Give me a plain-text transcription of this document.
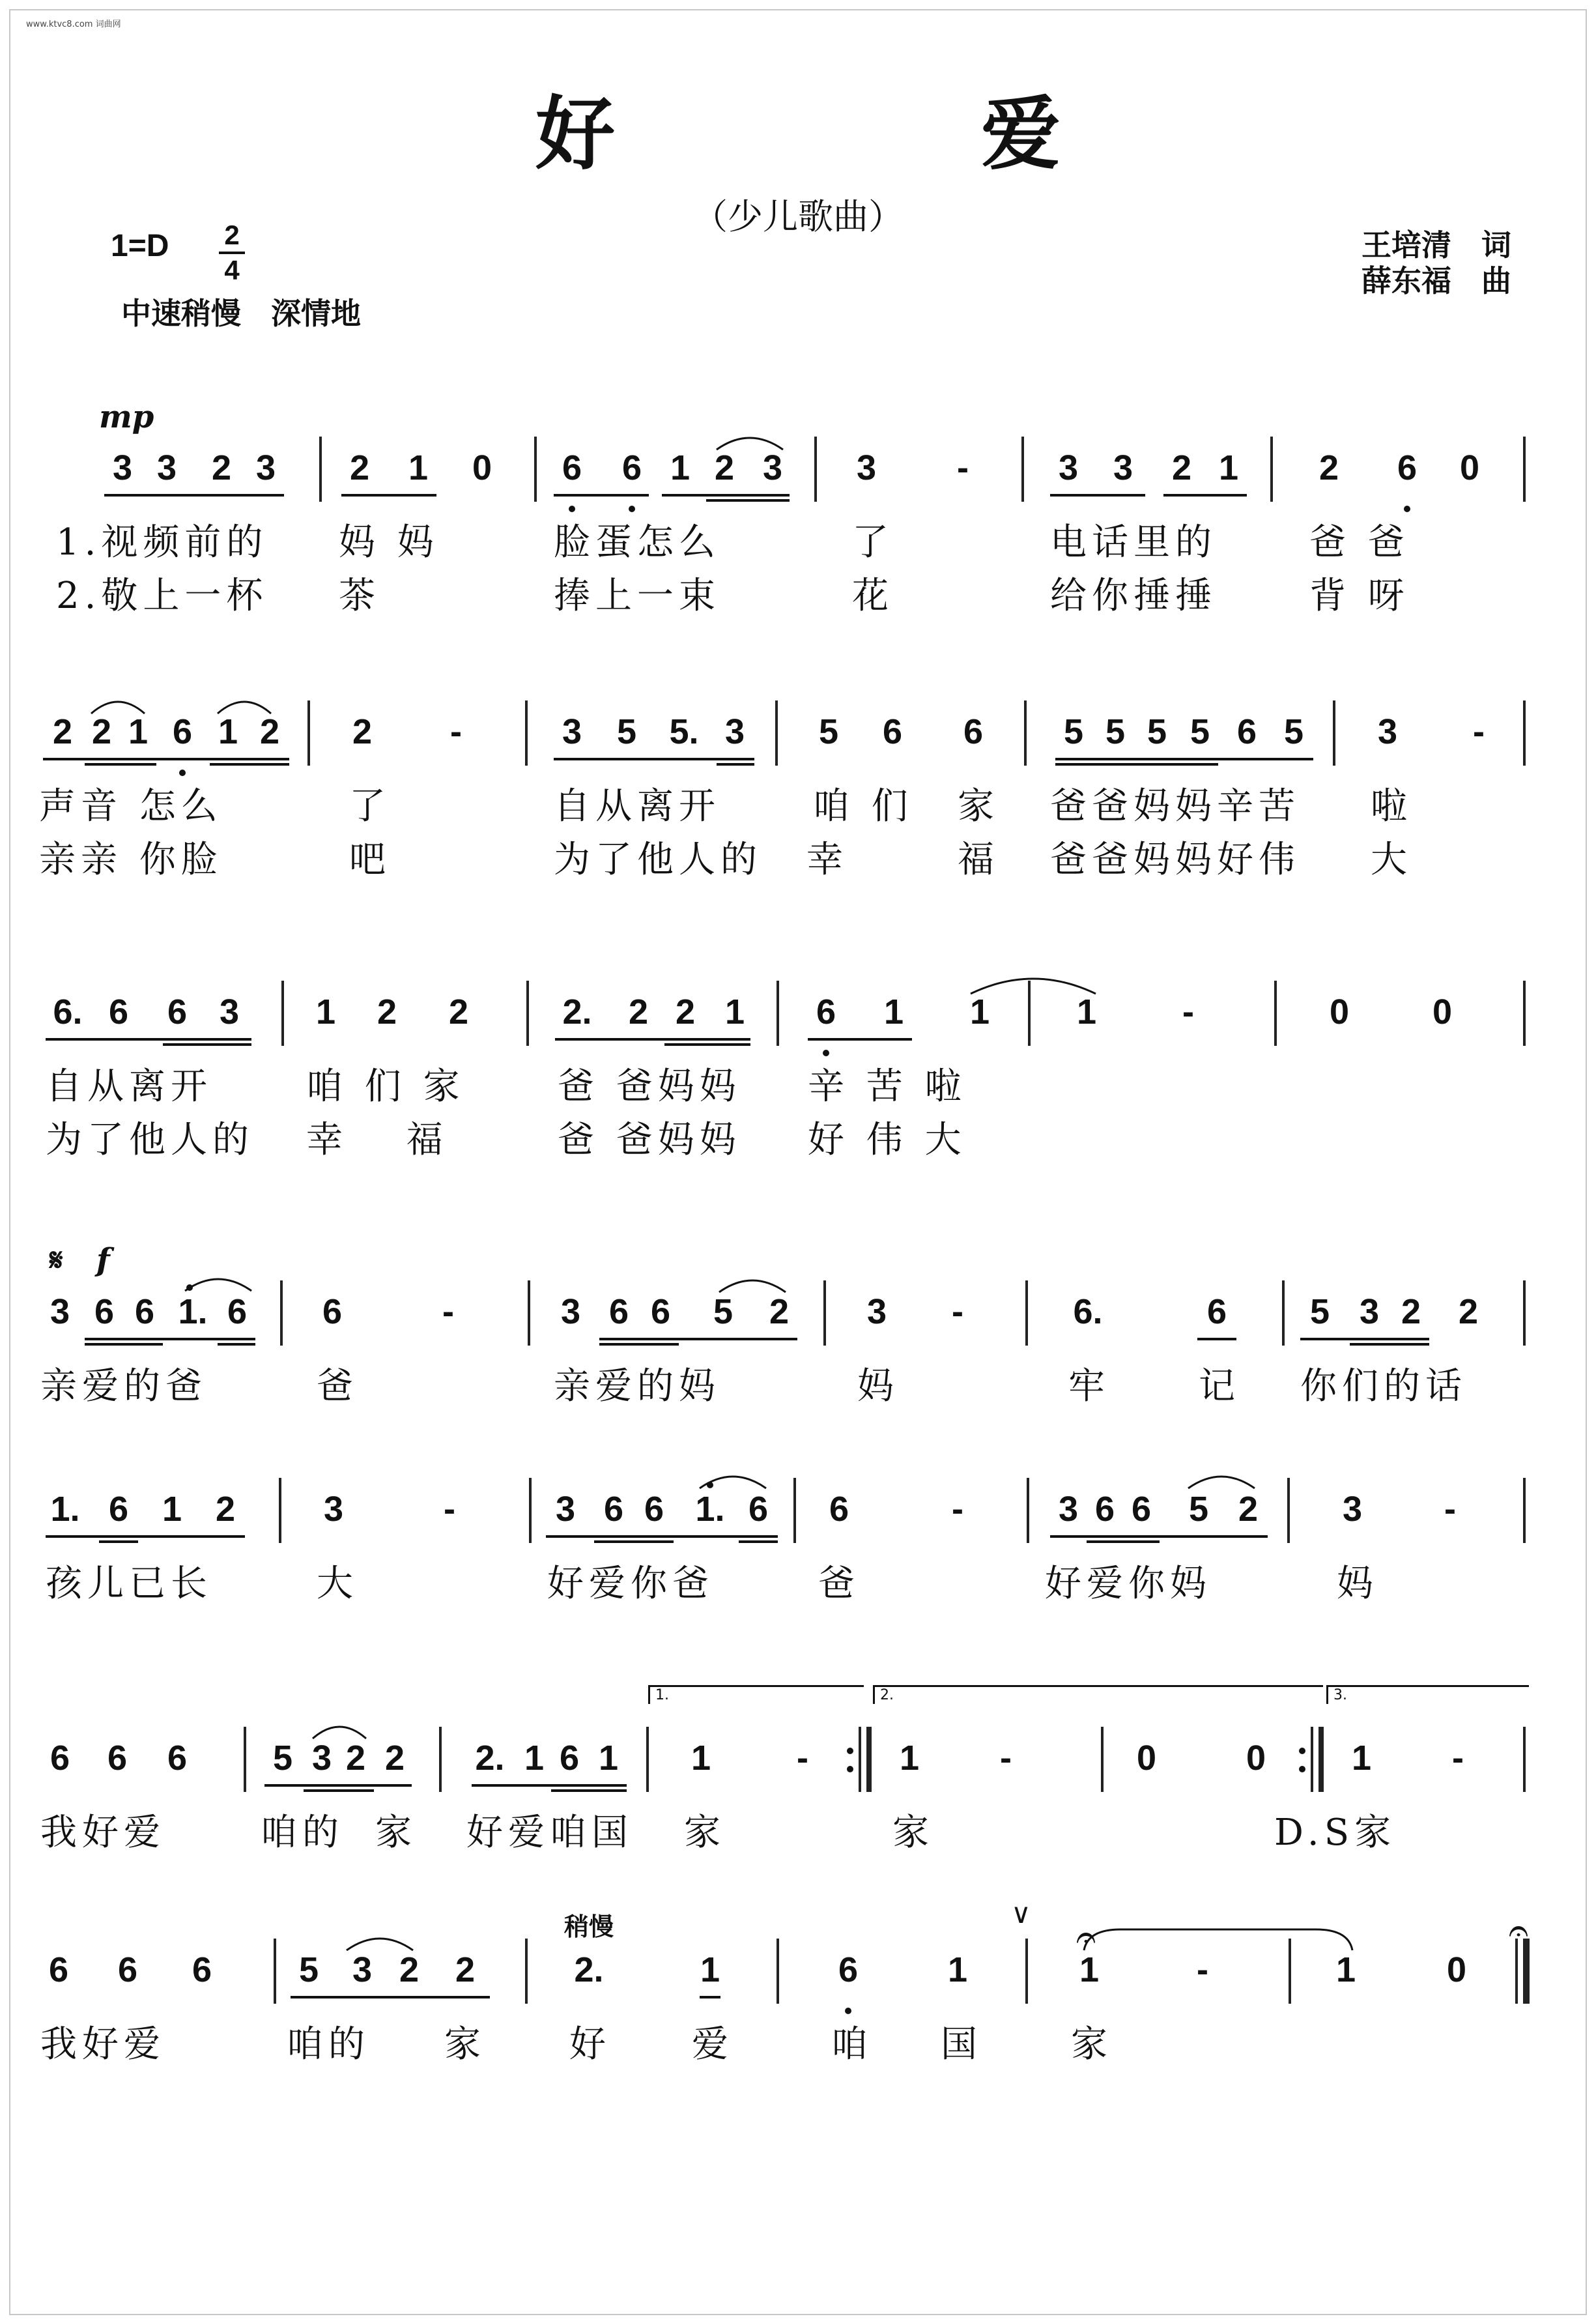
www.ktvc8.com 词曲网
好　爱
（少儿歌曲）
1=D 2
4
中速稍慢　深情地
王培清　词
薛东福　曲
mp
3 3 2 3 2 1 0 6 6 1 2 3 3	-	3 3 2 1 2 6 0
1.视频前的 妈 妈	脸蛋怎么	了	电话里的	爸 爸
2.敬上一杯 茶	捧上一束	花	给你捶捶	背 呀
2 2 1 6 1 2 2	-	3 5 5. 3 5 6 6 5 5 5 5 6 5 3	-
声音 怎么	了	自从离开	咱 们 家 爸爸妈妈辛苦 啦
亲亲 你脸	吧	为了他人的 幸	福 爸爸妈妈好伟 大
6. 6 6 3 1 2 2	2. 2 2 1 6 1 1 1	-	0 0
自从离开	咱 们 家	爸 爸妈妈 辛 苦 啦
为了他人的 幸　 福	爸 爸妈妈 好 伟 大
𝄋 f
3 6 6 1. 6 6	-	3 6 6 5 2 3	-	6.	6 5 3 2 2
亲爱的爸	爸	亲爱的妈	妈	牢 记 你们的话
1. 6 1 2	3	-	3 6 6 1. 6 6	-	3 6 6 5 2 3	-
孩儿已长	大	好爱你爸	爸	好爱你妈	妈
1.	2.	3.
6 6 6 5 3 2 2 2. 1 6 1 1	-	1	-	0	0 1	-
我好爱	咱的 家 好爱咱国 家	家	D.S家
稍慢	∨
6 6 6 5 3 2 2	2.	1	6	1	1	-	1	0
𝄐	𝄐
我好爱	咱的 家 好 爱	咱 国 家
